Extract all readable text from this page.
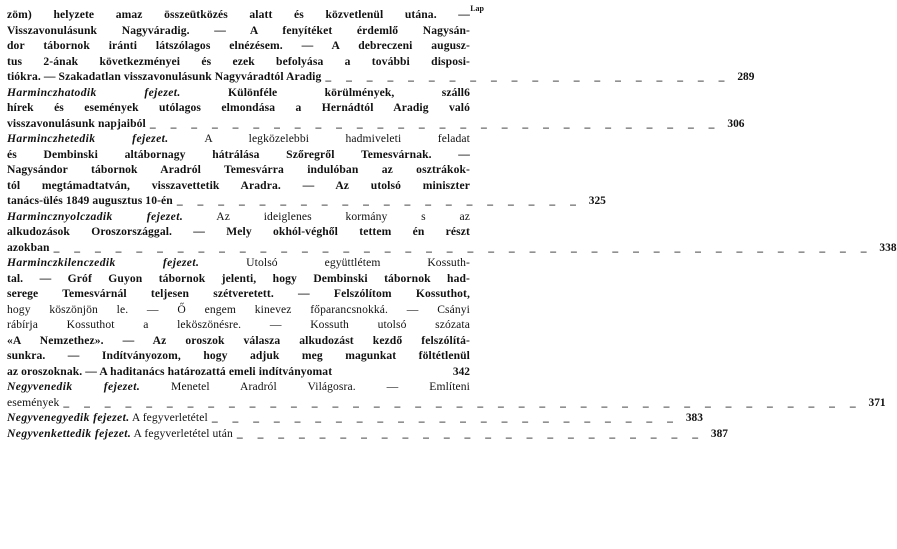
Lap
zöm) helyzete amaz összeütközés alatt és közvetlenül utána. —
Visszavonulásunk Nagyváradig. — A fenyítéket érdemlő Nagysán-
dor tábornok iránti látszólagos elnézésem. — A debreczeni augusz-
tus 2-ának következményei és ezek befolyása a további disposi-
tiókra. — Szakadatlan visszavonulásunk Nagyváradtól Aradig _ _ _ _ _ _ _ _ _ _ _ _ _ _ _ _ _ _ _ _ 289
Harminczhatodik fejezet. Különféle körülmények, száll6
hírek és események utólagos elmondása a Hernádtól Aradig való
visszavonulásunk napjaiból _ _ _ _ _ _ _ _ _ _ _ _ _ _ _ _ _ _ _ _ _ _ _ _ _ _ _ _ 306
Harminczhetedik fejezet. A legközelebbi hadmiveleti feladat
és Dembinski altábornagy hátrálása Szőregről Temesvárnak. —
Nagysándor tábornok Aradról Temesvárra indulóban az osztrákok-
tól megtámadtatván, visszavettetik Aradra. — Az utolsó miniszter
tanács-ülés 1849 augusztus 10-én _ _ _ _ _ _ _ _ _ _ _ _ _ _ _ _ _ _ _ _ 325
Harmincznyolczadik fejezet. Az ideiglenes kormány s az
alkudozások Oroszországgal. — Mely okhól-véghől tettem én részt
azokban _ _ _ _ _ _ _ _ _ _ _ _ _ _ _ _ _ _ _ _ _ _ _ _ _ _ _ _ _ _ _ _ _ _ _ _ _ _ _ _ 338
Harminczkilenczedik fejezet. Utolsó együttlétem Kossuth-
tal. — Gróf Guyon tábornok jelenti, hogy Dembinski tábornok had-
serege Temesvárnál teljesen szétveretett. — Felszólítom Kossuthot,
hogy köszönjön le. — Ő engem kinevez főparancsnokká. — Csányi
rábírja Kossuthot a leköszönésre. — Kossuth utolsó szózata
«A Nemzethez». — Az oroszok válasza alkudozást kezdő felszólítá-
sunkra. — Indítványozom, hogy adjuk meg magunkat föltétlenül
az oroszoknak. — A haditanács határozattá emeli indítványomat	342
Negyvenedik fejezet. Menetel Aradról Világosra. — Említeni
események _ _ _ _ _ _ _ _ _ _ _ _ _ _ _ _ _ _ _ _ _ _ _ _ _ _ _ _ _ _ _ _ _ _ _ _ _ _ _ 371
Negyvenegyedik fejezet. A fegyverletétel _ _ _ _ _ _ _ _ _ _ _ _ _ _ _ _ _ _ _ _ _ _ _ 383
Negyvenkettedik fejezet. A fegyverletétel után _ _ _ _ _ _ _ _ _ _ _ _ _ _ _ _ _ _ _ _ _ _ _ 387
